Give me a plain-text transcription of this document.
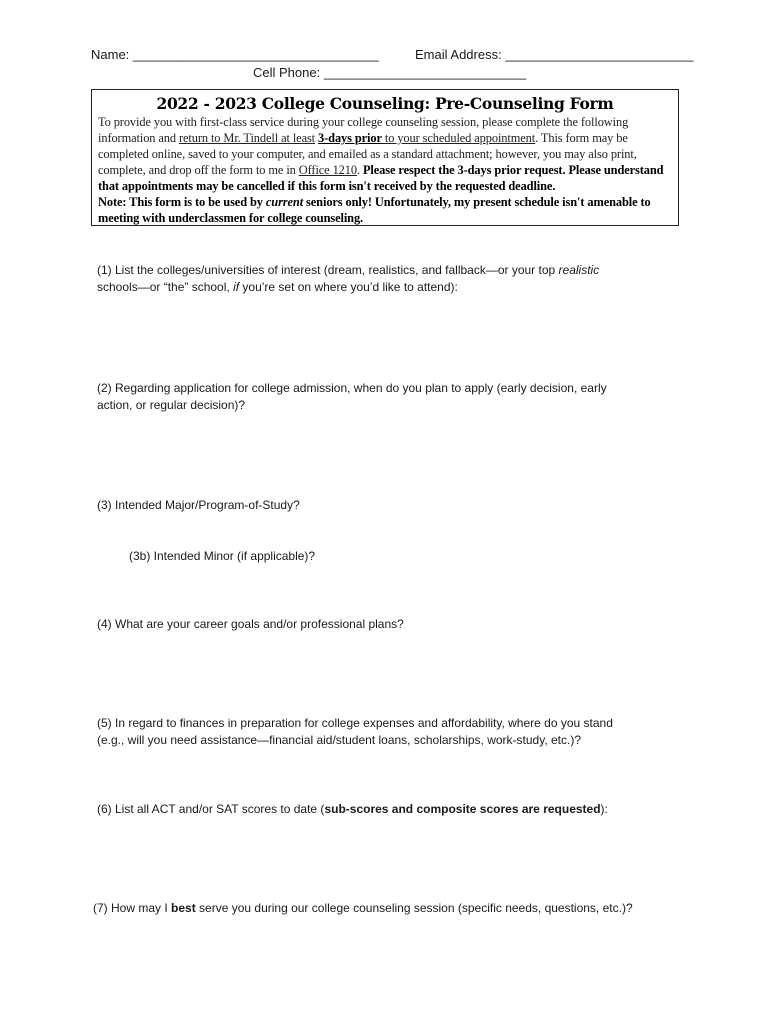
Name: __________________________________	Email Address: __________________________
Cell Phone: ____________________________
2022 - 2023 College Counseling: Pre-Counseling Form
To provide you with first-class service during your college counseling session, please complete the following information and return to Mr. Tindell at least 3-days prior to your scheduled appointment. This form may be completed online, saved to your computer, and emailed as a standard attachment; however, you may also print, complete, and drop off the form to me in Office 1210. Please respect the 3-days prior request. Please understand that appointments may be cancelled if this form isn't received by the requested deadline.
Note: This form is to be used by current seniors only! Unfortunately, my present schedule isn't amenable to meeting with underclassmen for college counseling.
(1) List the colleges/universities of interest (dream, realistics, and fallback—or your top realistic
schools—or “the” school, if you’re set on where you’d like to attend):
(2) Regarding application for college admission, when do you plan to apply (early decision, early
action, or regular decision)?
(3) Intended Major/Program-of-Study?
(3b) Intended Minor (if applicable)?
(4) What are your career goals and/or professional plans?
(5) In regard to finances in preparation for college expenses and affordability, where do you stand
(e.g., will you need assistance—financial aid/student loans, scholarships, work-study, etc.)?
(6) List all ACT and/or SAT scores to date (sub-scores and composite scores are requested):
(7) How may I best serve you during our college counseling session (specific needs, questions, etc.)?
